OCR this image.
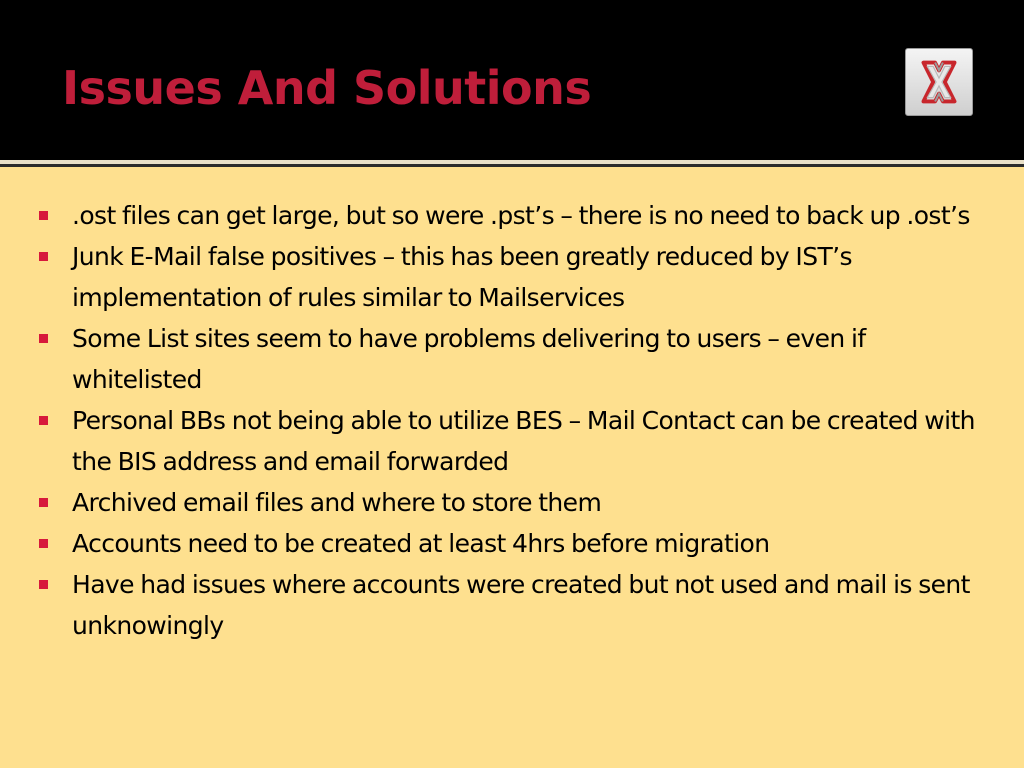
Issues And Solutions
.ost files can get large, but so were .pst’s – there is no need to back up .ost’s
Junk E-Mail false positives – this has been greatly reduced by IST’s implementation of rules similar to Mailservices
Some List sites seem to have problems delivering to users – even if whitelisted
Personal BBs not being able to utilize BES – Mail Contact can be created with the BIS address and email forwarded
Archived email files and where to store them
Accounts need to be created at least 4hrs before migration
Have had issues where accounts were created but not used and mail is sent unknowingly
